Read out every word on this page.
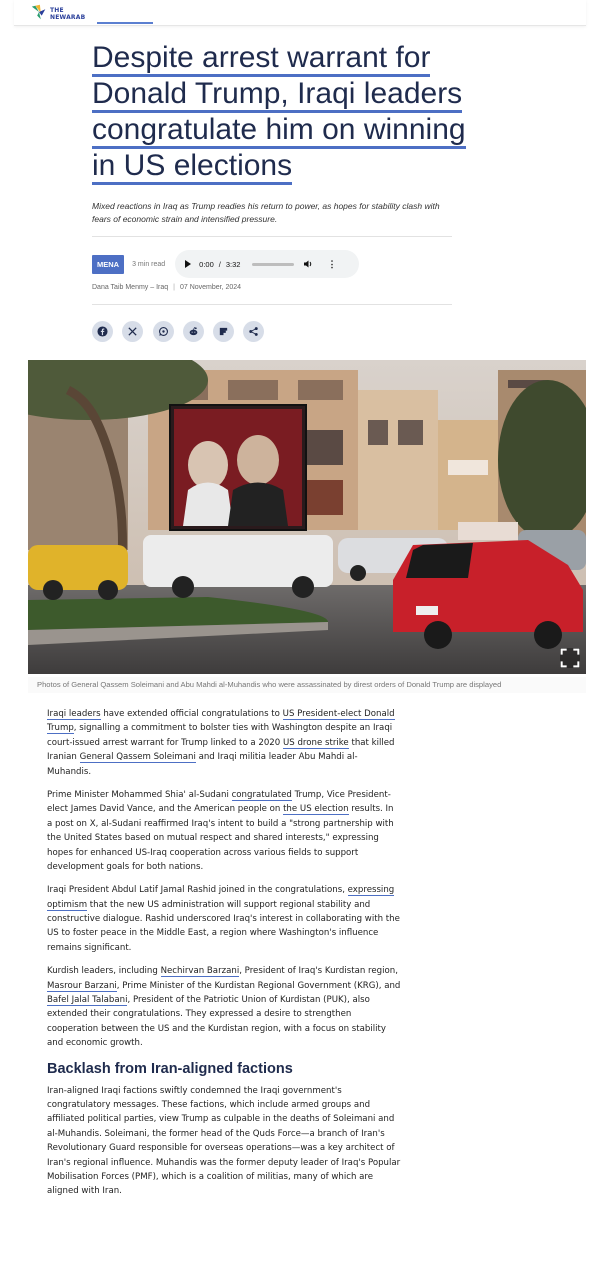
THE
NEWARAB
Despite arrest warrant for
Donald Trump, Iraqi leaders
congratulate him on winning
in US elections

Mixed reactions in Iraq as Trump readies his return to power, as hopes for stability clash with fears of economic strain and intensified pressure.

MENA	3 min read	0:00 / 3:32	⋮
Dana Taib Menmy – Iraq | 07 November, 2024
Photos of General Qassem Soleimani and Abu Mahdi al-Muhandis who were assassinated by direst orders of Donald Trump are displayed

Iraqi leaders have extended official congratulations to US President-elect Donald Trump, signalling a commitment to bolster ties with Washington despite an Iraqi court-issued arrest warrant for Trump linked to a 2020 US drone strike that killed Iranian General Qassem Soleimani and Iraqi militia leader Abu Mahdi al-Muhandis.

Prime Minister Mohammed Shia' al-Sudani congratulated Trump, Vice President-elect James David Vance, and the American people on the US election results. In a post on X, al-Sudani reaffirmed Iraq's intent to build a "strong partnership with the United States based on mutual respect and shared interests," expressing hopes for enhanced US-Iraq cooperation across various fields to support development goals for both nations.

Iraqi President Abdul Latif Jamal Rashid joined in the congratulations, expressing optimism that the new US administration will support regional stability and constructive dialogue. Rashid underscored Iraq's interest in collaborating with the US to foster peace in the Middle East, a region where Washington's influence remains significant.

Kurdish leaders, including Nechirvan Barzani, President of Iraq's Kurdistan region, Masrour Barzani, Prime Minister of the Kurdistan Regional Government (KRG), and Bafel Jalal Talabani, President of the Patriotic Union of Kurdistan (PUK), also extended their congratulations. They expressed a desire to strengthen cooperation between the US and the Kurdistan region, with a focus on stability and economic growth.

Backlash from Iran-aligned factions

Iran-aligned Iraqi factions swiftly condemned the Iraqi government's congratulatory messages. These factions, which include armed groups and affiliated political parties, view Trump as culpable in the deaths of Soleimani and al-Muhandis. Soleimani, the former head of the Quds Force—a branch of Iran's Revolutionary Guard responsible for overseas operations—was a key architect of Iran's regional influence. Muhandis was the former deputy leader of Iraq's Popular Mobilisation Forces (PMF), which is a coalition of militias, many of which are aligned with Iran.
